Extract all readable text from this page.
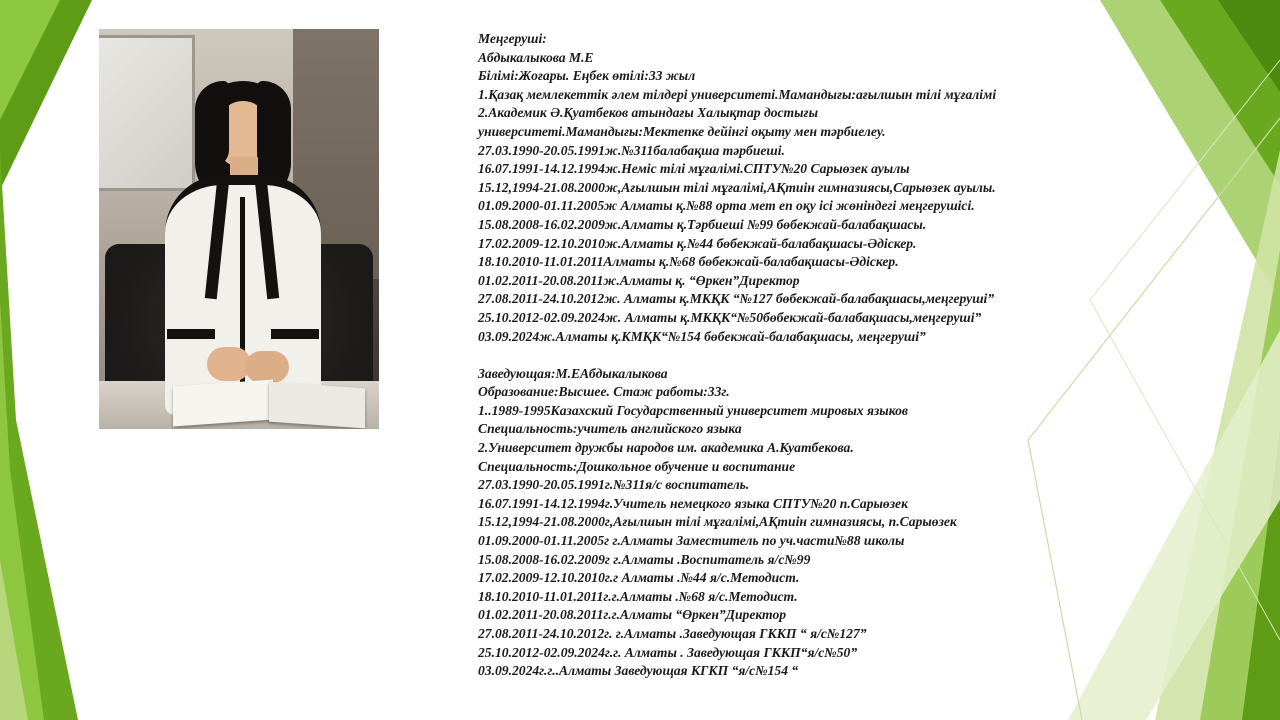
Меңгеруші:
Абдыкалыкова М.Е
Білімі:Жоғары. Еңбек өтілі:33 жыл
1.Қазақ мемлекеттік әлем тілдері университеті.Мамандығы:ағылшын тілі мұғалімі
2.Академик Ә.Қуатбеков атындағы Халықтар достығы
университеті.Мамандығы:Мектепке дейінгі оқыту мен тәрбиелеу.
27.03.1990-20.05.1991ж.№311балабақша тәрбиеші.
16.07.1991-14.12.1994ж.Неміс тілі мұғалімі.СПТУ№20 Сарыөзек ауылы
15.12,1994-21.08.2000ж,Ағылшын тілі мұғалімі,АҚтиін гимназиясы,Сарыөзек ауылы.
01.09.2000-01.11.2005ж Алматы қ.№88 орта мет еп оқу ісі жөніндегі меңгерушісі.
15.08.2008-16.02.2009ж.Алматы қ.Тәрбиеші №99 бөбекжай-балабақшасы.
17.02.2009-12.10.2010ж.Алматы қ.№44 бөбекжай-балабақшасы-Әдіскер.
18.10.2010-11.01.2011Алматы қ.№68 бөбекжай-балабақшасы-Әдіскер.
01.02.2011-20.08.2011ж.Алматы қ. “Өркен”Директор
27.08.2011-24.10.2012ж. Алматы қ.МКҚК “№127 бөбекжай-балабақшасы,меңгеруші”
25.10.2012-02.09.2024ж. Алматы қ.МКҚК“№50бөбекжай-балабақшасы,меңгеруші”
03.09.2024ж.Алматы қ.КМҚК“№154 бөбекжай-балабақшасы, меңгеруші”
Заведующая:М.ЕАбдыкалыкова
Образование:Высшее. Стаж работы:33г.
1..1989-1995Казахский Государственный университет мировых языков
Специальность:учитель английского языка
2.Университет дружбы народов им. академика А.Куатбекова.
Специальность:Дошкольное обучение и воспитание
27.03.1990-20.05.1991г.№311я/с воспитатель.
16.07.1991-14.12.1994г.Учитель немецкого языка СПТУ№20 п.Сарыөзек
15.12,1994-21.08.2000г,Ағылшын тілі мұғалімі,АҚтиін гимназиясы, п.Сарыөзек
01.09.2000-01.11.2005г г.Алматы Заместитель по уч.части№88 школы
15.08.2008-16.02.2009г г.Алматы .Воспитатель я/с№99
17.02.2009-12.10.2010г.г Алматы .№44 я/с.Методист.
18.10.2010-11.01.2011г.г.Алматы .№68 я/с.Методист.
01.02.2011-20.08.2011г.г.Алматы “Өркен”Директор
27.08.2011-24.10.2012г. г.Алматы .Заведующая ГККП “ я/с№127”
25.10.2012-02.09.2024г.г. Алматы . Заведующая ГККП“я/с№50”
03.09.2024г.г..Алматы Заведующая КГКП “я/с№154 “
